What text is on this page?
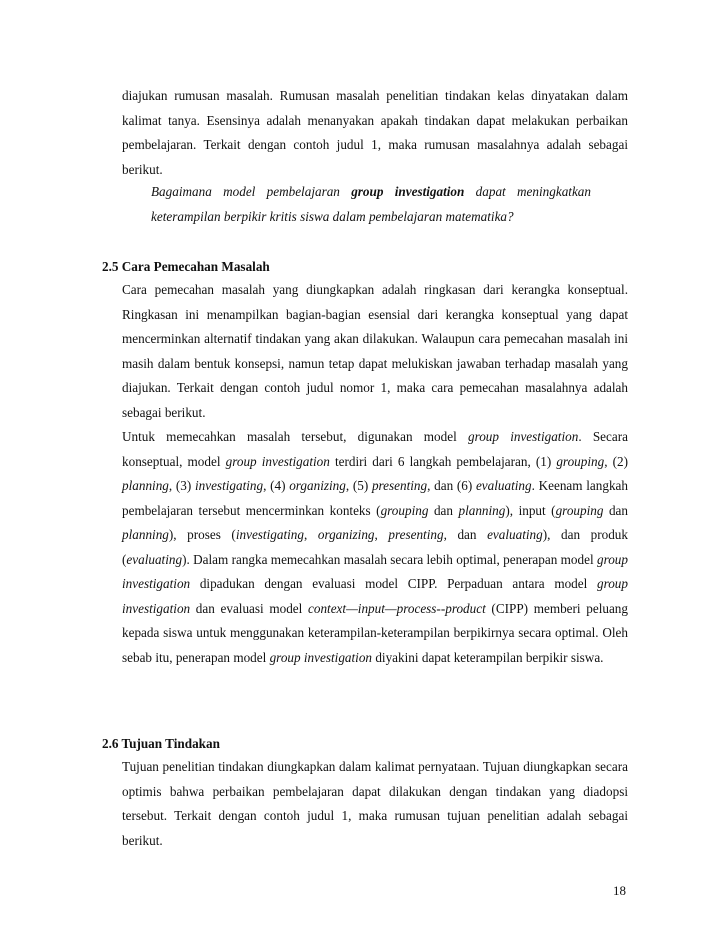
diajukan rumusan masalah. Rumusan masalah penelitian tindakan kelas dinyatakan dalam kalimat tanya. Esensinya adalah menanyakan apakah tindakan dapat melakukan perbaikan pembelajaran. Terkait dengan contoh judul 1, maka rumusan masalahnya adalah sebagai berikut.

Bagaimana model pembelajaran group investigation dapat meningkatkan keterampilan berpikir kritis siswa dalam pembelajaran matematika?

2.5 Cara Pemecahan Masalah

Cara pemecahan masalah yang diungkapkan adalah ringkasan dari kerangka konseptual. Ringkasan ini menampilkan bagian-bagian esensial dari kerangka konseptual yang dapat mencerminkan alternatif tindakan yang akan dilakukan. Walaupun cara pemecahan masalah ini masih dalam bentuk konsepsi, namun tetap dapat melukiskan jawaban terhadap masalah yang diajukan. Terkait dengan contoh judul nomor 1, maka cara pemecahan masalahnya adalah sebagai berikut.

Untuk memecahkan masalah tersebut, digunakan model group investigation. Secara konseptual, model group investigation terdiri dari 6 langkah pembelajaran, (1) grouping, (2) planning, (3) investigating, (4) organizing, (5) presenting, dan (6) evaluating. Keenam langkah pembelajaran tersebut mencerminkan konteks (grouping dan planning), input (grouping dan planning), proses (investigating, organizing, presenting, dan evaluating), dan produk (evaluating). Dalam rangka memecahkan masalah secara lebih optimal, penerapan model group investigation dipadukan dengan evaluasi model CIPP. Perpaduan antara model group investigation dan evaluasi model context—input—process--product (CIPP) memberi peluang kepada siswa untuk menggunakan keterampilan-keterampilan berpikirnya secara optimal. Oleh sebab itu, penerapan model group investigation diyakini dapat keterampilan berpikir siswa.

2.6 Tujuan Tindakan

Tujuan penelitian tindakan diungkapkan dalam kalimat pernyataan. Tujuan diungkapkan secara optimis bahwa perbaikan pembelajaran dapat dilakukan dengan tindakan yang diadopsi tersebut. Terkait dengan contoh judul 1, maka rumusan tujuan penelitian adalah sebagai berikut.

18
